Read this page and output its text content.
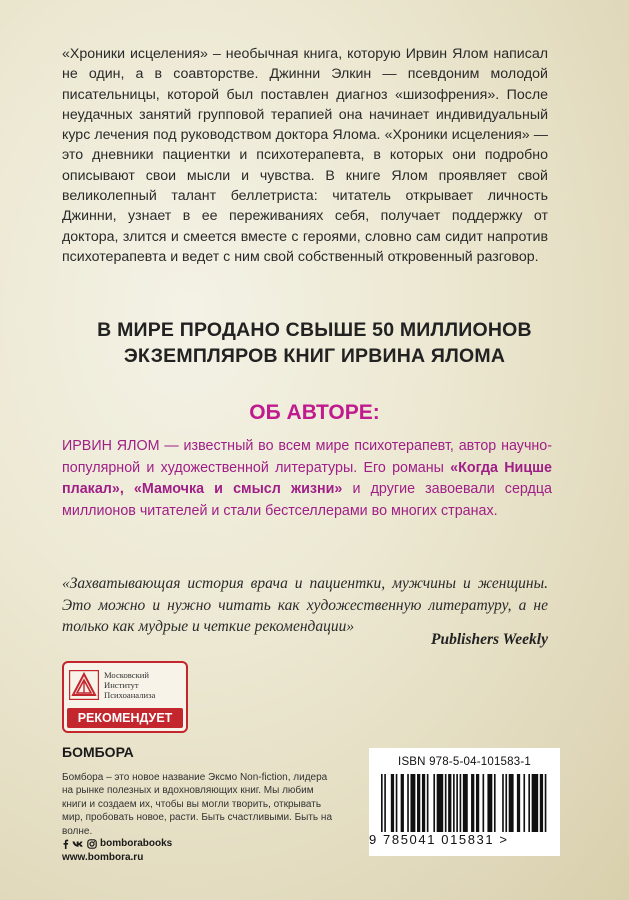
«Хроники исцеления» – необычная книга, которую Ирвин Ялом написал не один, а в соавторстве. Джинни Элкин — псевдоним молодой писательницы, которой был поставлен диагноз «шизофрения». После неудачных занятий групповой терапией она начинает индивидуальный курс лечения под руководством доктора Ялома. «Хроники исцеления» — это дневники пациентки и психотерапевта, в которых они подробно описывают свои мысли и чувства. В книге Ялом проявляет свой великолепный талант беллетриста: читатель открывает личность Джинни, узнает в ее переживаниях себя, получает поддержку от доктора, злится и смеется вместе с героями, словно сам сидит напротив психотерапевта и ведет с ним свой собственный откровенный разговор.

В МИРЕ ПРОДАНО СВЫШЕ 50 МИЛЛИОНОВ
ЭКЗЕМПЛЯРОВ КНИГ ИРВИНА ЯЛОМА
ОБ АВТОРЕ:

ИРВИН ЯЛОМ — известный во всем мире психотерапевт, автор научно-популярной и художественной литературы. Его романы «Когда Ницше плакал», «Мамочка и смысл жизни» и другие завоевали сердца миллионов читателей и стали бестселлерами во многих странах.

«Захватывающая история врача и пациентки, мужчины и женщины. Это можно и нужно читать как художественную литературу, а не только как мудрые и четкие рекомендации»

Publishers Weekly

Московский
Институт
Психоанализа
РЕКОМЕНДУЕТ

БОМБОРА

Бомбора – это новое название Эксмо Non-fiction, лидера на рынке полезных и вдохновляющих книг. Мы любим книги и создаем их, чтобы вы могли творить, открывать мир, пробовать новое, расти. Быть счастливыми. Быть на волне.

bomborabooks
www.bombora.ru
ISBN 978-5-04-101583-1
9 785041 015831 >
